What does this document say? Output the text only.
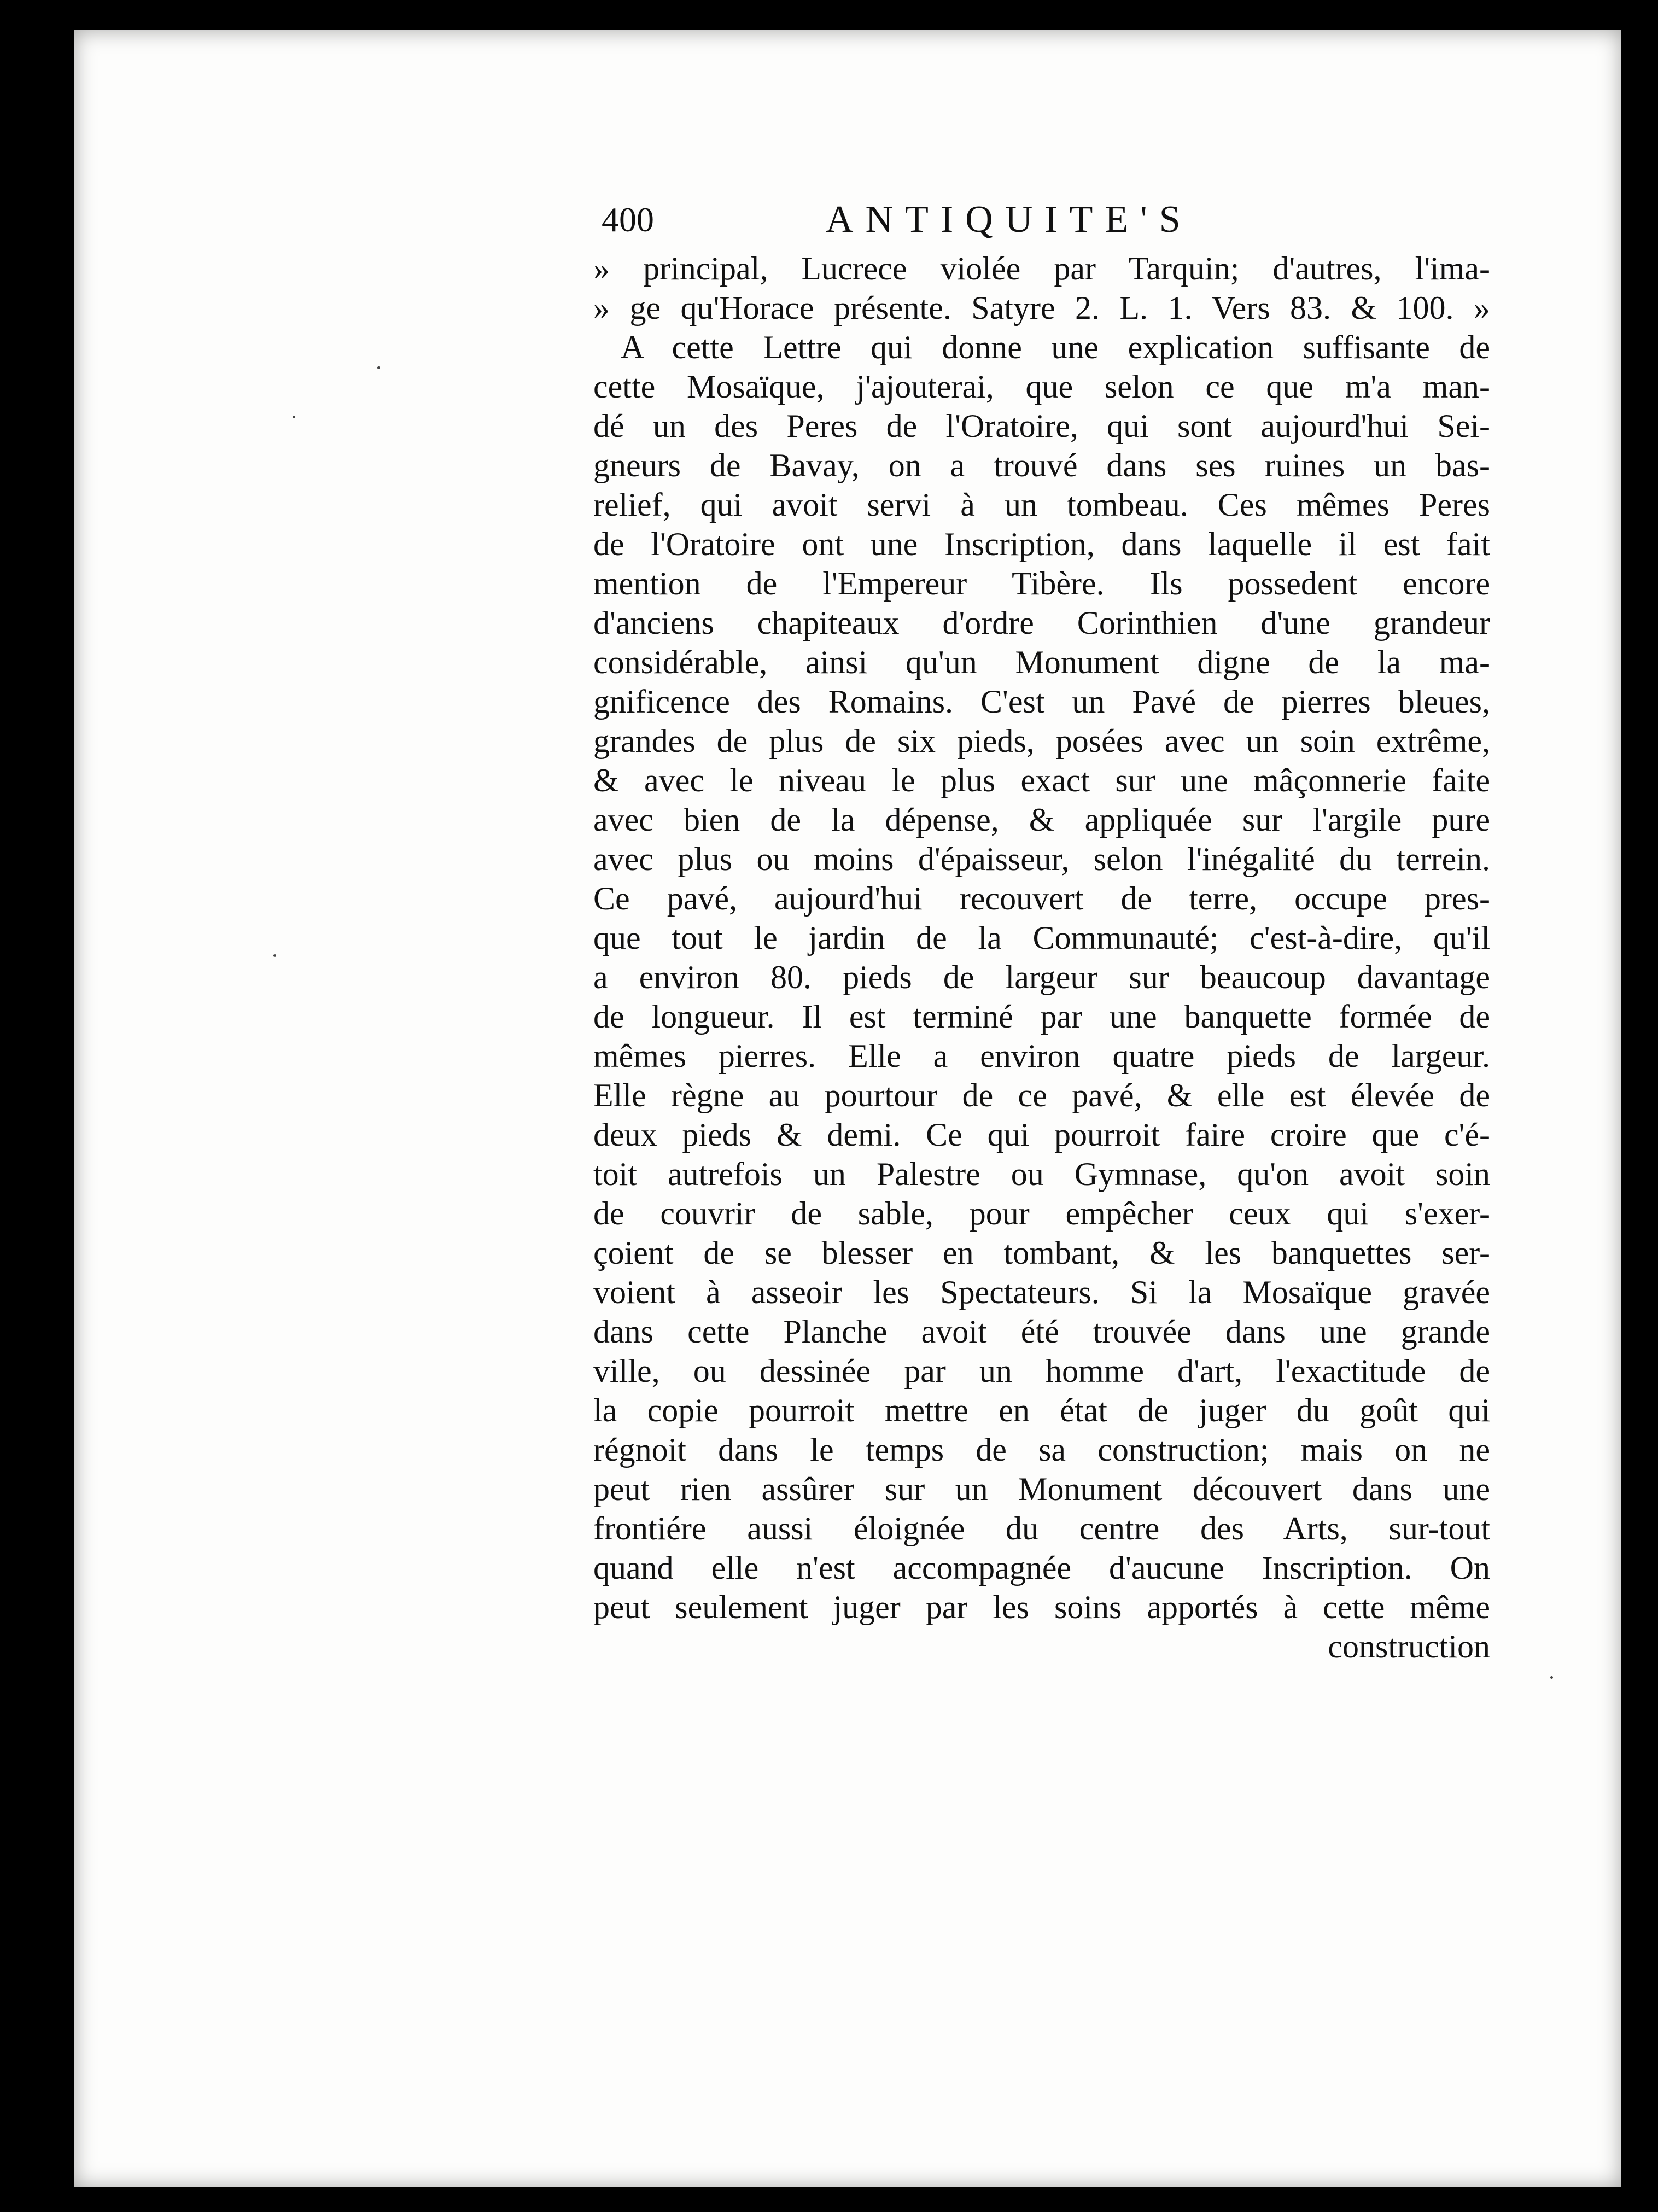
400	ANTIQUITE'S
» principal, Lucrece violée par Tarquin; d'autres, l'ima-
» ge qu'Horace présente. Satyre 2. L. 1. Vers 83. & 100. »
A cette Lettre qui donne une explication suffisante de
cette Mosaïque, j'ajouterai, que selon ce que m'a man-
dé un des Peres de l'Oratoire, qui sont aujourd'hui Sei-
gneurs de Bavay, on a trouvé dans ses ruines un bas-
relief, qui avoit servi à un tombeau. Ces mêmes Peres
de l'Oratoire ont une Inscription, dans laquelle il est fait
mention de l'Empereur Tibère. Ils possedent encore
d'anciens chapiteaux d'ordre Corinthien d'une grandeur
considérable, ainsi qu'un Monument digne de la ma-
gnificence des Romains. C'est un Pavé de pierres bleues,
grandes de plus de six pieds, posées avec un soin extrême,
& avec le niveau le plus exact sur une mâçonnerie faite
avec bien de la dépense, & appliquée sur l'argile pure
avec plus ou moins d'épaisseur, selon l'inégalité du terrein.
Ce pavé, aujourd'hui recouvert de terre, occupe pres-
que tout le jardin de la Communauté; c'est-à-dire, qu'il
a environ 80. pieds de largeur sur beaucoup davantage
de longueur. Il est terminé par une banquette formée de
mêmes pierres. Elle a environ quatre pieds de largeur.
Elle règne au pourtour de ce pavé, & elle est élevée de
deux pieds & demi. Ce qui pourroit faire croire que c'é-
toit autrefois un Palestre ou Gymnase, qu'on avoit soin
de couvrir de sable, pour empêcher ceux qui s'exer-
çoient de se blesser en tombant, & les banquettes ser-
voient à asseoir les Spectateurs. Si la Mosaïque gravée
dans cette Planche avoit été trouvée dans une grande
ville, ou dessinée par un homme d'art, l'exactitude de
la copie pourroit mettre en état de juger du goût qui
régnoit dans le temps de sa construction; mais on ne
peut rien assûrer sur un Monument découvert dans une
frontiére aussi éloignée du centre des Arts, sur-tout
quand elle n'est accompagnée d'aucune Inscription. On
peut seulement juger par les soins apportés à cette même
construction
